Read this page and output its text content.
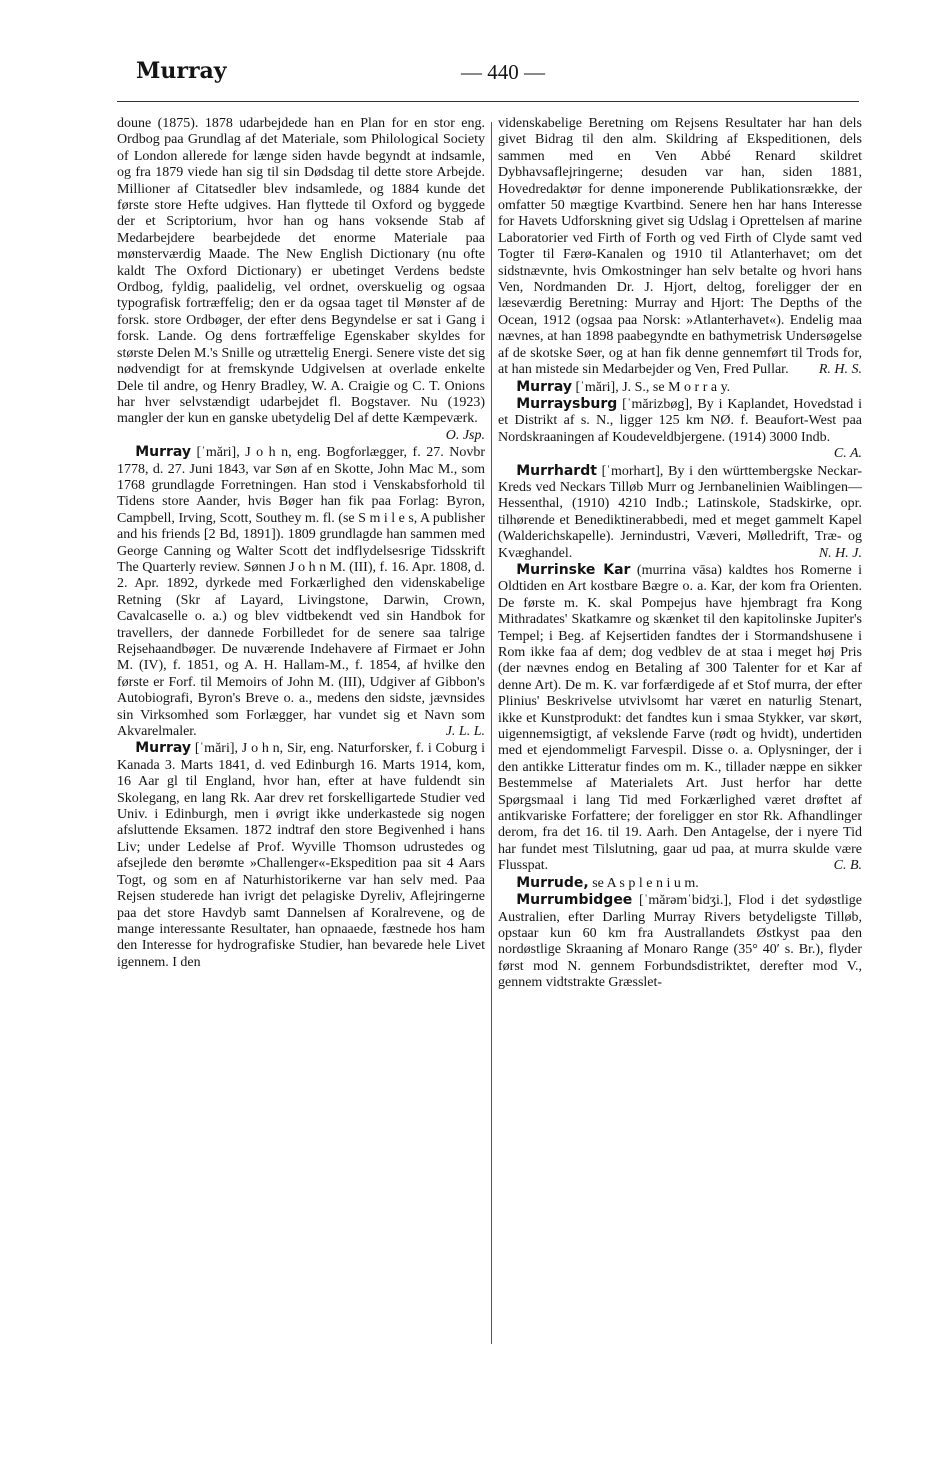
Murray	— 440 —

doune (1875). 1878 udarbejdede han en Plan for en stor eng. Ordbog paa Grundlag af det Materiale, som Philological Society of London allerede for længe siden havde begyndt at indsamle, og fra 1879 viede han sig til sin Dødsdag til dette store Arbejde. Millioner af Citatsedler blev indsamlede, og 1884 kunde det første store Hefte udgives. Han flyttede til Oxford og byggede der et Scriptorium, hvor han og hans voksende Stab af Medarbejdere bearbejdede det enorme Materiale paa mønsterværdig Maade. The New English Dictionary (nu ofte kaldt The Oxford Dictionary) er ubetinget Verdens bedste Ordbog, fyldig, paalidelig, vel ordnet, overskuelig og ogsaa typografisk fortræffelig; den er da ogsaa taget til Mønster af de forsk. store Ordbøger, der efter dens Begyndelse er sat i Gang i forsk. Lande. Og dens fortræffelige Egenskaber skyldes for største Delen M.'s Snille og utrættelig Energi. Senere viste det sig nødvendigt for at fremskynde Udgivelsen at overlade enkelte Dele til andre, og Henry Bradley, W. A. Craigie og C. T. Onions har hver selvstændigt udarbejdet fl. Bogstaver. Nu (1923) mangler der kun en ganske ubetydelig Del af dette Kæmpeværk.
O. Jsp.

Murray [ˈmări], J o h n, eng. Bogforlægger, f. 27. Novbr 1778, d. 27. Juni 1843, var Søn af en Skotte, John Mac M., som 1768 grundlagde Forretningen. Han stod i Venskabsforhold til Tidens store Aander, hvis Bøger han fik paa Forlag: Byron, Campbell, Irving, Scott, Southey m. fl. (se S m i l e s, A publisher and his friends [2 Bd, 1891]). 1809 grundlagde han sammen med George Canning og Walter Scott det indflydelsesrige Tidsskrift The Quarterly review. Sønnen J o h n M. (III), f. 16. Apr. 1808, d. 2. Apr. 1892, dyrkede med Forkærlighed den videnskabelige Retning (Skr af Layard, Livingstone, Darwin, Crown, Cavalcaselle o. a.) og blev vidtbekendt ved sin Handbok for travellers, der dannede Forbilledet for de senere saa talrige Rejsehaandbøger. De nuværende Indehavere af Firmaet er John M. (IV), f. 1851, og A. H. Hallam-M., f. 1854, af hvilke den første er Forf. til Memoirs of John M. (III), Udgiver af Gibbon's Autobiografi, Byron's Breve o. a., medens den sidste, jævnsides sin Virksomhed som Forlægger, har vundet sig et Navn som Akvarelmaler.	J. L. L.

Murray [ˈmări], J o h n, Sir, eng. Naturforsker, f. i Coburg i Kanada 3. Marts 1841, d. ved Edinburgh 16. Marts 1914, kom, 16 Aar gl til England, hvor han, efter at have fuldendt sin Skolegang, en lang Rk. Aar drev ret forskelligartede Studier ved Univ. i Edinburgh, men i øvrigt ikke underkastede sig nogen afsluttende Eksamen. 1872 indtraf den store Begivenhed i hans Liv; under Ledelse af Prof. Wyville Thomson udrustedes og afsejlede den berømte »Challenger«-Ekspedition paa sit 4 Aars Togt, og som en af Naturhistorikerne var han selv med. Paa Rejsen studerede han ivrigt det pelagiske Dyreliv, Aflejringerne paa det store Havdyb samt Dannelsen af Koralrevene, og de mange interessante Resultater, han opnaaede, fæstnede hos ham den Interesse for hydrografiske Studier, han bevarede hele Livet igennem. I den

videnskabelige Beretning om Rejsens Resultater har han dels givet Bidrag til den alm. Skildring af Ekspeditionen, dels sammen med en Ven Abbé Renard skildret Dybhavsaflejringerne; desuden var han, siden 1881, Hovedredaktør for denne imponerende Publikationsrække, der omfatter 50 mægtige Kvartbind. Senere hen har hans Interesse for Havets Udforskning givet sig Udslag i Oprettelsen af marine Laboratorier ved Firth of Forth og ved Firth of Clyde samt ved Togter til Færø-Kanalen og 1910 til Atlanterhavet; om det sidstnævnte, hvis Omkostninger han selv betalte og hvori hans Ven, Nordmanden Dr. J. Hjort, deltog, foreligger der en læseværdig Beretning: Murray and Hjort: The Depths of the Ocean, 1912 (ogsaa paa Norsk: »Atlanterhavet«). Endelig maa nævnes, at han 1898 paabegyndte en bathymetrisk Undersøgelse af de skotske Søer, og at han fik denne gennemført til Trods for, at han mistede sin Medarbejder og Ven, Fred Pullar.	R. H. S.

Murray [ˈmări], J. S., se M o r r a y.

Murraysburg [ˈmărizbøg], By i Kaplandet, Hovedstad i et Distrikt af s. N., ligger 125 km NØ. f. Beaufort-West paa Nordskraaningen af Koudeveldbjergene. (1914) 3000 Indb.
C. A.

Murrhardt [ˈmorhart], By i den württembergske Neckar-Kreds ved Neckars Tilløb Murr og Jernbanelinien Waiblingen—Hessenthal, (1910) 4210 Indb.; Latinskole, Stadskirke, opr. tilhørende et Benediktinerabbedi, med et meget gammelt Kapel (Walderichskapelle). Jernindustri, Væveri, Mølledrift, Træ- og Kvæghandel.	N. H. J.

Murrinske Kar (murrina vāsa) kaldtes hos Romerne i Oldtiden en Art kostbare Bægre o. a. Kar, der kom fra Orienten. De første m. K. skal Pompejus have hjembragt fra Kong Mithradates' Skatkamre og skænket til den kapitolinske Jupiter's Tempel; i Beg. af Kejsertiden fandtes der i Stormandshusene i Rom ikke faa af dem; dog vedblev de at staa i meget høj Pris (der nævnes endog en Betaling af 300 Talenter for et Kar af denne Art). De m. K. var forfærdigede af et Stof murra, der efter Plinius' Beskrivelse utvivlsomt har været en naturlig Stenart, ikke et Kunstprodukt: det fandtes kun i smaa Stykker, var skørt, uigennemsigtigt, af vekslende Farve (rødt og hvidt), undertiden med et ejendommeligt Farvespil. Disse o. a. Oplysninger, der i den antikke Litteratur findes om m. K., tillader næppe en sikker Bestemmelse af Materialets Art. Just herfor har dette Spørgsmaal i lang Tid med Forkærlighed været drøftet af antikvariske Forfattere; der foreligger en stor Rk. Afhandlinger derom, fra det 16. til 19. Aarh. Den Antagelse, der i nyere Tid har fundet mest Tilslutning, gaar ud paa, at murra skulde være Flusspat.	C. B.

Murrude, se A s p l e n i u m.

Murrumbidgee [ˈmărəmˈbidʒi.], Flod i det sydøstlige Australien, efter Darling Murray Rivers betydeligste Tilløb, opstaar kun 60 km fra Australlandets Østkyst paa den nordøstlige Skraaning af Monaro Range (35° 40′ s. Br.), flyder først mod N. gennem Forbundsdistriktet, derefter mod V., gennem vidtstrakte Græsslet-
